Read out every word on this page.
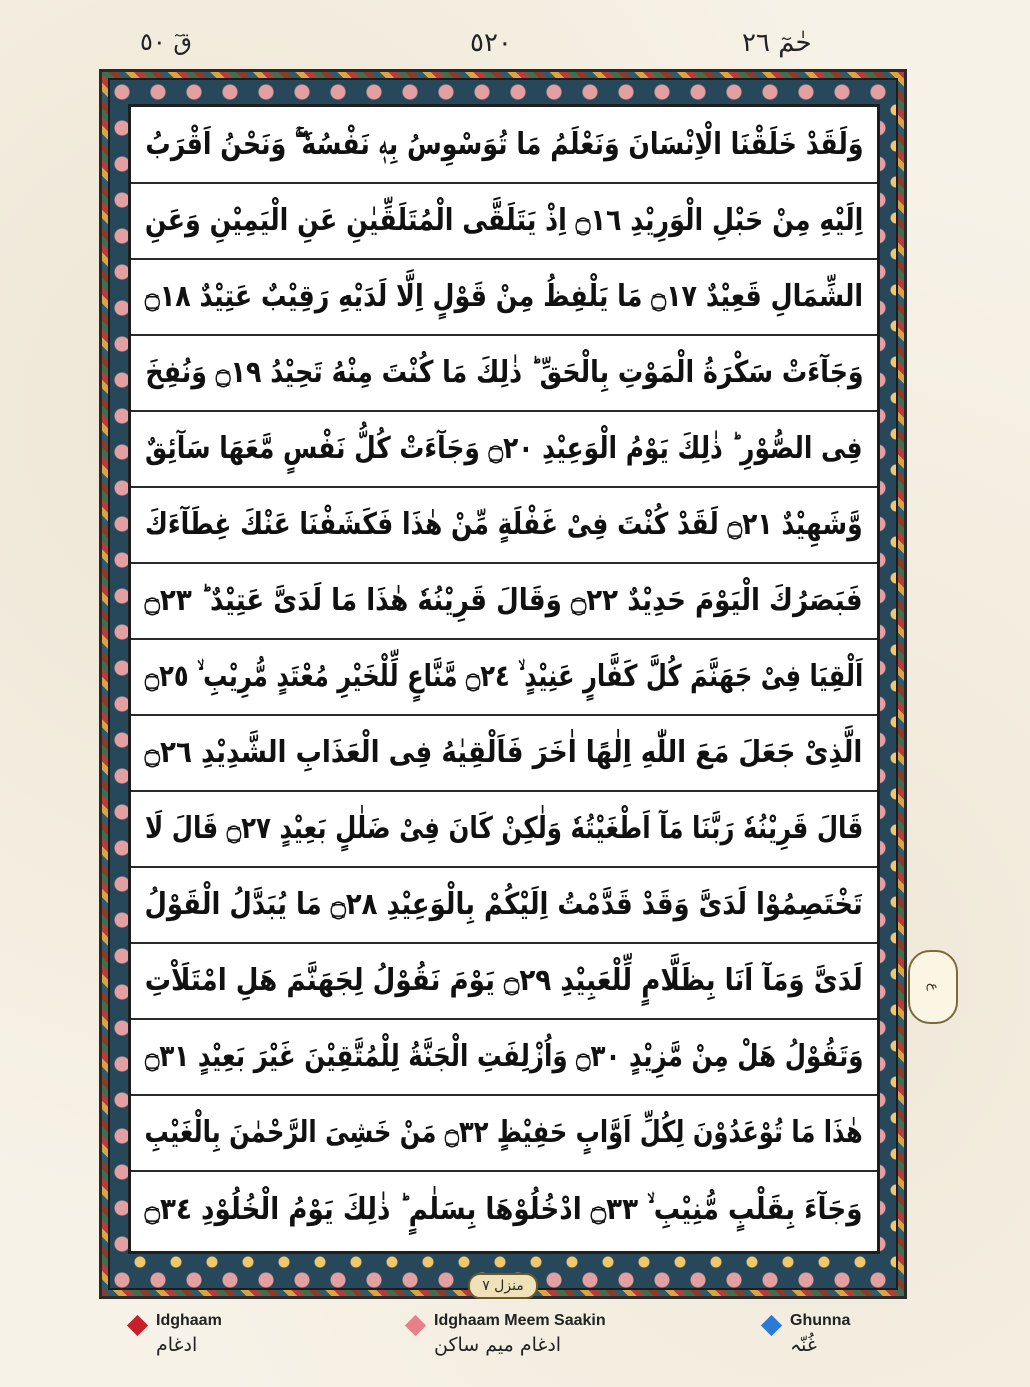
حٰمٓ ٢٦
٥٢٠
قٓ ٥٠
وَلَقَدْ خَلَقْنَا الْاِنْسَانَ وَنَعْلَمُ مَا تُوَسْوِسُ بِهٖ نَفْسُهٗ ۖۚ وَنَحْنُ اَقْرَبُ
اِلَيْهِ مِنْ حَبْلِ الْوَرِيْدِ ۝١٦ اِذْ يَتَلَقَّى الْمُتَلَقِّيٰنِ عَنِ الْيَمِيْنِ وَعَنِ
الشِّمَالِ قَعِيْدٌ ۝١٧ مَا يَلْفِظُ مِنْ قَوْلٍ اِلَّا لَدَيْهِ رَقِيْبٌ عَتِيْدٌ ۝١٨
وَجَآءَتْ سَكْرَةُ الْمَوْتِ بِالْحَقِّ ؕ ذٰلِكَ مَا كُنْتَ مِنْهُ تَحِيْدُ ۝١٩ وَنُفِخَ
فِى الصُّوْرِ ؕ ذٰلِكَ يَوْمُ الْوَعِيْدِ ۝٢٠ وَجَآءَتْ كُلُّ نَفْسٍ مَّعَهَا سَآئِقٌ
وَّشَهِيْدٌ ۝٢١ لَقَدْ كُنْتَ فِىْ غَفْلَةٍ مِّنْ هٰذَا فَكَشَفْنَا عَنْكَ غِطَآءَكَ
فَبَصَرُكَ الْيَوْمَ حَدِيْدٌ ۝٢٢ وَقَالَ قَرِيْنُهٗ هٰذَا مَا لَدَىَّ عَتِيْدٌ ؕ ۝٢٣
اَلْقِيَا فِىْ جَهَنَّمَ كُلَّ كَفَّارٍ عَنِيْدٍ ۙ ۝٢٤ مَّنَّاعٍ لِّلْخَيْرِ مُعْتَدٍ مُّرِيْبِ ۙ ۝٢٥
الَّذِىْ جَعَلَ مَعَ اللّٰهِ اِلٰهًا اٰخَرَ فَاَلْقِيٰهُ فِى الْعَذَابِ الشَّدِيْدِ ۝٢٦
قَالَ قَرِيْنُهٗ رَبَّنَا مَآ اَطْغَيْتُهٗ وَلٰكِنْ كَانَ فِىْ ضَلٰلٍ بَعِيْدٍ ۝٢٧ قَالَ لَا
تَخْتَصِمُوْا لَدَىَّ وَقَدْ قَدَّمْتُ اِلَيْكُمْ بِالْوَعِيْدِ ۝٢٨ مَا يُبَدَّلُ الْقَوْلُ
لَدَىَّ وَمَآ اَنَا بِظَلَّامٍ لِّلْعَبِيْدِ ۝٢٩ يَوْمَ نَقُوْلُ لِجَهَنَّمَ هَلِ امْتَلَاْتِ
وَتَقُوْلُ هَلْ مِنْ مَّزِيْدٍ ۝٣٠ وَاُزْلِفَتِ الْجَنَّةُ لِلْمُتَّقِيْنَ غَيْرَ بَعِيْدٍ ۝٣١
هٰذَا مَا تُوْعَدُوْنَ لِكُلِّ اَوَّابٍ حَفِيْظٍ ۝٣٢ مَنْ خَشِىَ الرَّحْمٰنَ بِالْغَيْبِ
وَجَآءَ بِقَلْبٍ مُّنِيْبِ ۙ ۝٣٣ ادْخُلُوْهَا بِسَلٰمٍ ؕ ذٰلِكَ يَوْمُ الْخُلُوْدِ ۝٣٤
منزل ٧
ع
Idghaam
ادغام
Idghaam Meem Saakin
ادغام میم ساکن
Ghunna
غُنّہ
